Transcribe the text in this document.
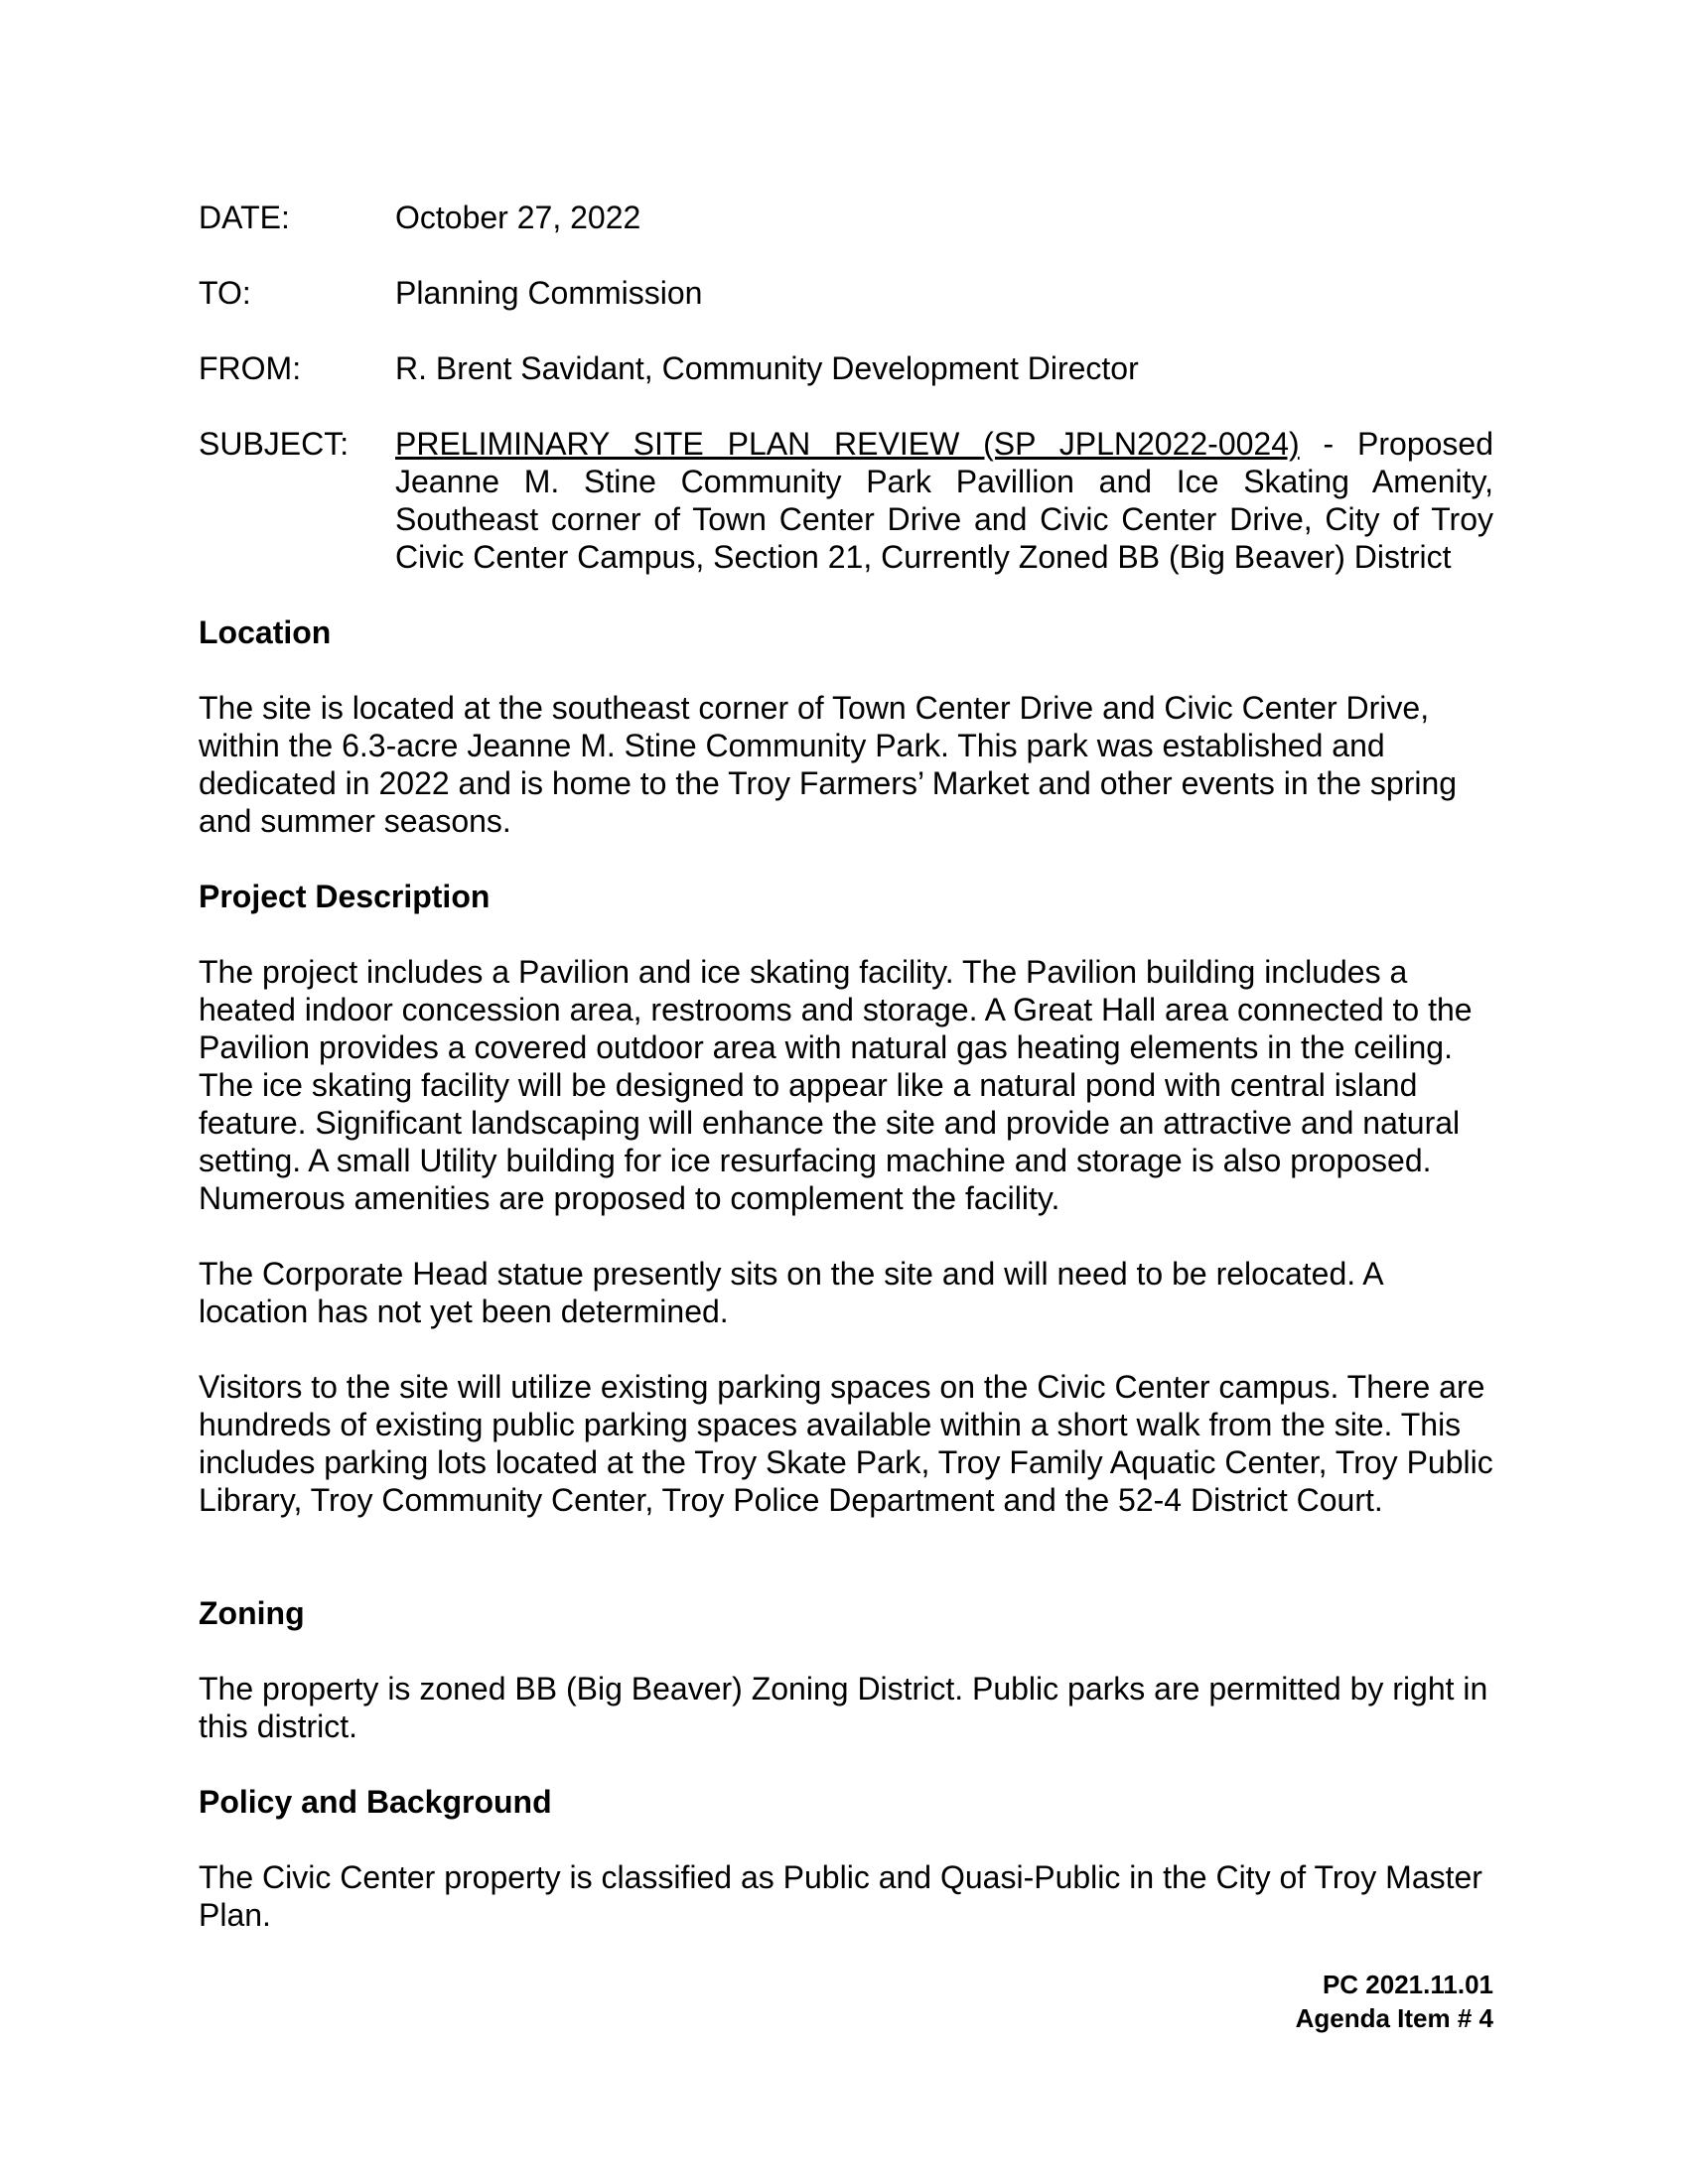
DATE:	October 27, 2022
TO:	Planning Commission
FROM:	R. Brent Savidant, Community Development Director
SUBJECT:	PRELIMINARY SITE PLAN REVIEW (SP JPLN2022-0024) - Proposed Jeanne M. Stine Community Park Pavillion and Ice Skating Amenity, Southeast corner of Town Center Drive and Civic Center Drive, City of Troy Civic Center Campus, Section 21, Currently Zoned BB (Big Beaver) District
Location

The site is located at the southeast corner of Town Center Drive and Civic Center Drive, within the 6.3-acre Jeanne M. Stine Community Park. This park was established and dedicated in 2022 and is home to the Troy Farmers’ Market and other events in the spring and summer seasons.

Project Description

The project includes a Pavilion and ice skating facility. The Pavilion building includes a heated indoor concession area, restrooms and storage. A Great Hall area connected to the Pavilion provides a covered outdoor area with natural gas heating elements in the ceiling. The ice skating facility will be designed to appear like a natural pond with central island feature. Significant landscaping will enhance the site and provide an attractive and natural setting. A small Utility building for ice resurfacing machine and storage is also proposed. Numerous amenities are proposed to complement the facility.

The Corporate Head statue presently sits on the site and will need to be relocated. A location has not yet been determined.

Visitors to the site will utilize existing parking spaces on the Civic Center campus. There are hundreds of existing public parking spaces available within a short walk from the site. This includes parking lots located at the Troy Skate Park, Troy Family Aquatic Center, Troy Public Library, Troy Community Center, Troy Police Department and the 52-4 District Court.

Zoning

The property is zoned BB (Big Beaver) Zoning District. Public parks are permitted by right in this district.

Policy and Background

The Civic Center property is classified as Public and Quasi-Public in the City of Troy Master Plan.

PC 2021.11.01
Agenda Item # 4
